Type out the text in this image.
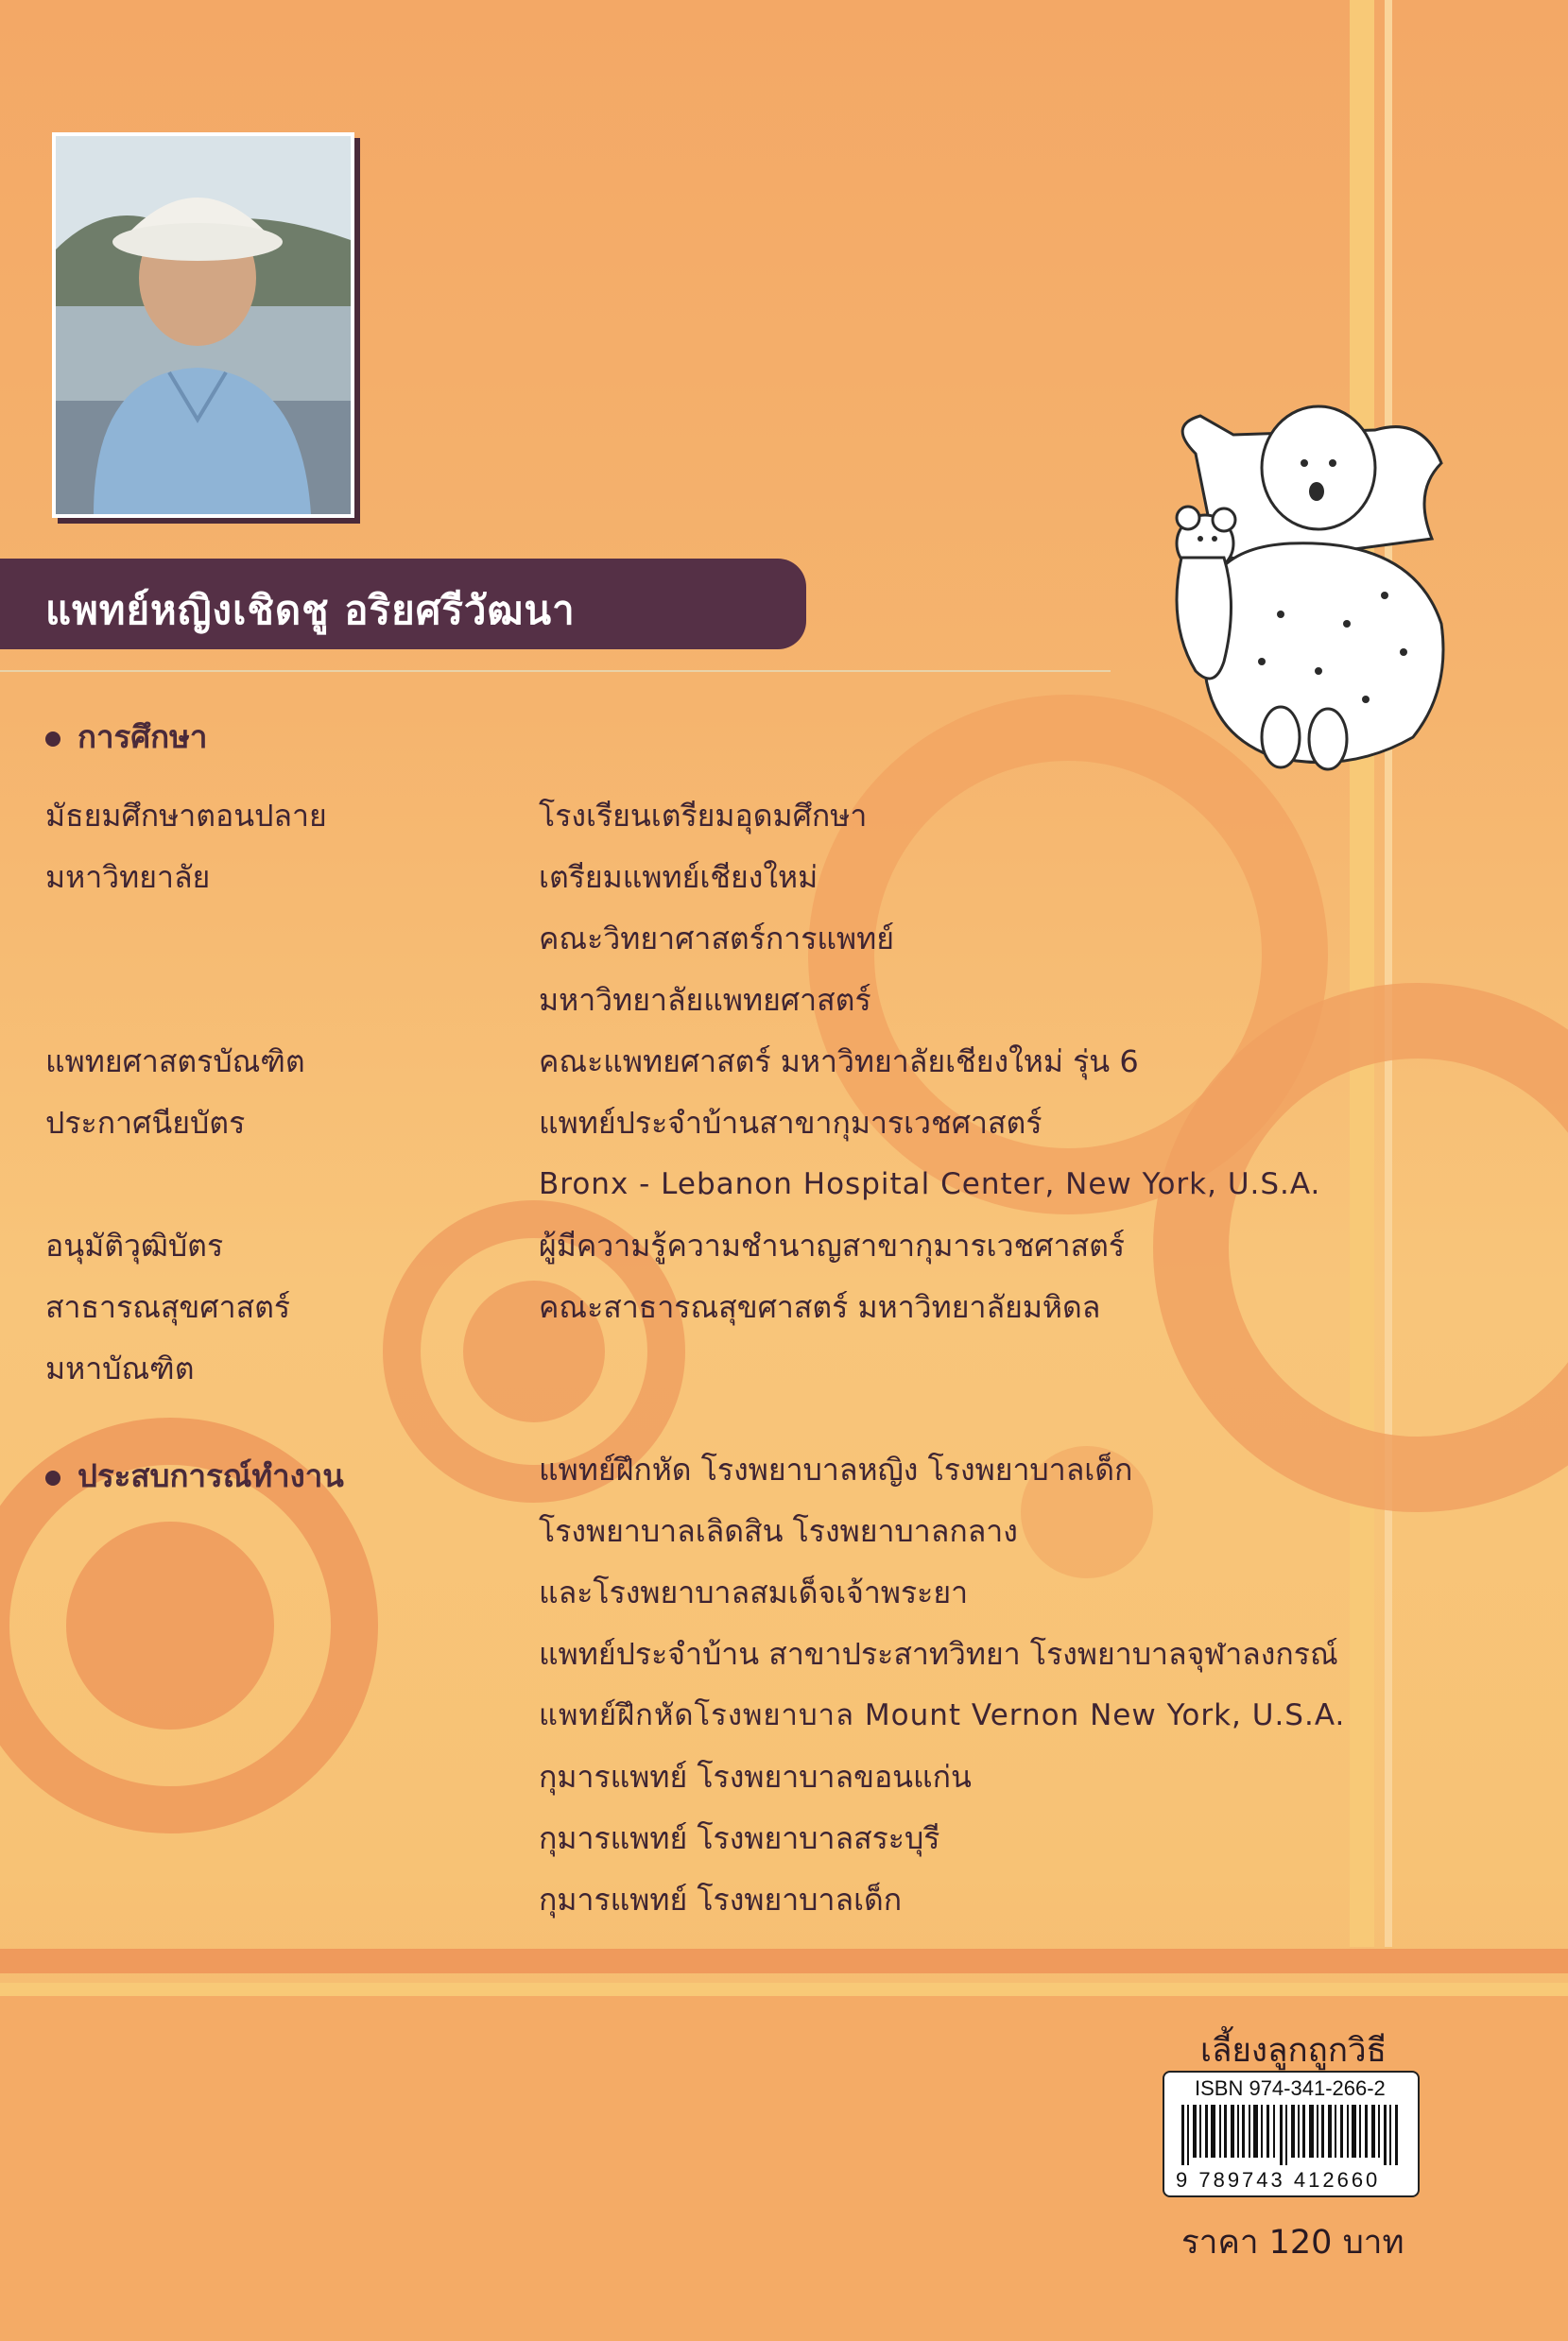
แพทย์หญิงเชิดชู อริยศรีวัฒนา
การศึกษา
มัธยมศึกษาตอนปลาย	โรงเรียนเตรียมอุดมศึกษา
มหาวิทยาลัย	เตรียมแพทย์เชียงใหม่
คณะวิทยาศาสตร์การแพทย์
มหาวิทยาลัยแพทยศาสตร์
แพทยศาสตรบัณฑิต	คณะแพทยศาสตร์ มหาวิทยาลัยเชียงใหม่ รุ่น 6
ประกาศนียบัตร	แพทย์ประจำบ้านสาขากุมารเวชศาสตร์
Bronx - Lebanon Hospital Center, New York, U.S.A.
อนุมัติวุฒิบัตร	ผู้มีความรู้ความชำนาญสาขากุมารเวชศาสตร์
สาธารณสุขศาสตร์	คณะสาธารณสุขศาสตร์ มหาวิทยาลัยมหิดล
มหาบัณฑิต
ประสบการณ์ทำงาน	แพทย์ฝึกหัด โรงพยาบาลหญิง โรงพยาบาลเด็ก
โรงพยาบาลเลิดสิน โรงพยาบาลกลาง
และโรงพยาบาลสมเด็จเจ้าพระยา
แพทย์ประจำบ้าน สาขาประสาทวิทยา โรงพยาบาลจุฬาลงกรณ์
แพทย์ฝึกหัดโรงพยาบาล Mount Vernon New York, U.S.A.
กุมารแพทย์ โรงพยาบาลขอนแก่น
กุมารแพทย์ โรงพยาบาลสระบุรี
กุมารแพทย์ โรงพยาบาลเด็ก
เลี้ยงลูกถูกวิธี
ISBN 974-341-266-2
9 789743 412660
ราคา 120 บาท
